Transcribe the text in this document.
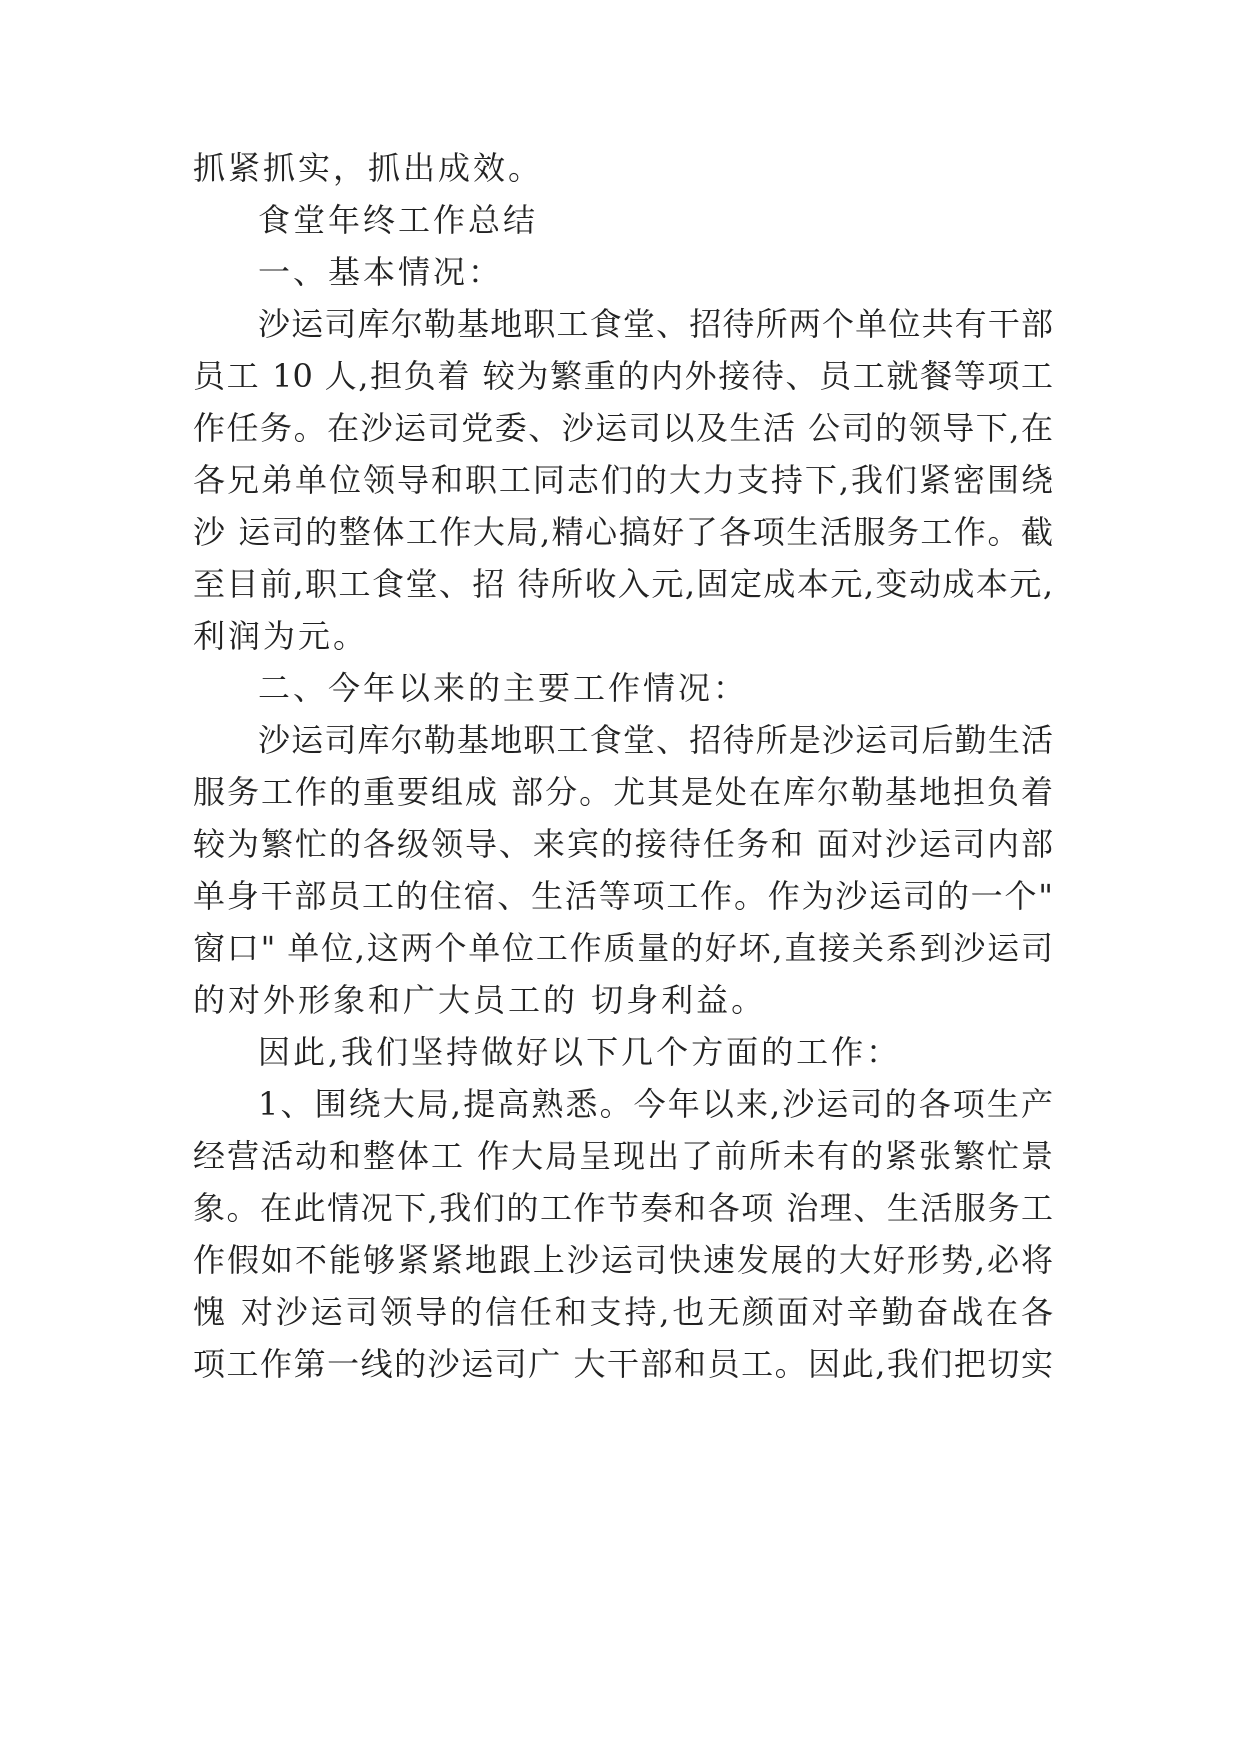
抓紧抓实，抓出成效。
食堂年终工作总结
一、基本情况：
沙运司库尔勒基地职工食堂、招待所两个单位共有干部
员工 10 人,担负着 较为繁重的内外接待、员工就餐等项工
作任务。在沙运司党委、沙运司以及生活 公司的领导下,在
各兄弟单位领导和职工同志们的大力支持下,我们紧密围绕
沙 运司的整体工作大局,精心搞好了各项生活服务工作。截
至目前,职工食堂、招 待所收入元,固定成本元,变动成本元,
利润为元。
二、今年以来的主要工作情况：
沙运司库尔勒基地职工食堂、招待所是沙运司后勤生活
服务工作的重要组成 部分。尤其是处在库尔勒基地担负着
较为繁忙的各级领导、来宾的接待任务和 面对沙运司内部
单身干部员工的住宿、生活等项工作。作为沙运司的一个"
窗口" 单位,这两个单位工作质量的好坏,直接关系到沙运司
的对外形象和广大员工的 切身利益。
因此,我们坚持做好以下几个方面的工作：
1、围绕大局,提高熟悉。今年以来,沙运司的各项生产
经营活动和整体工 作大局呈现出了前所未有的紧张繁忙景
象。在此情况下,我们的工作节奏和各项 治理、生活服务工
作假如不能够紧紧地跟上沙运司快速发展的大好形势,必将
愧 对沙运司领导的信任和支持,也无颜面对辛勤奋战在各
项工作第一线的沙运司广 大干部和员工。因此,我们把切实
